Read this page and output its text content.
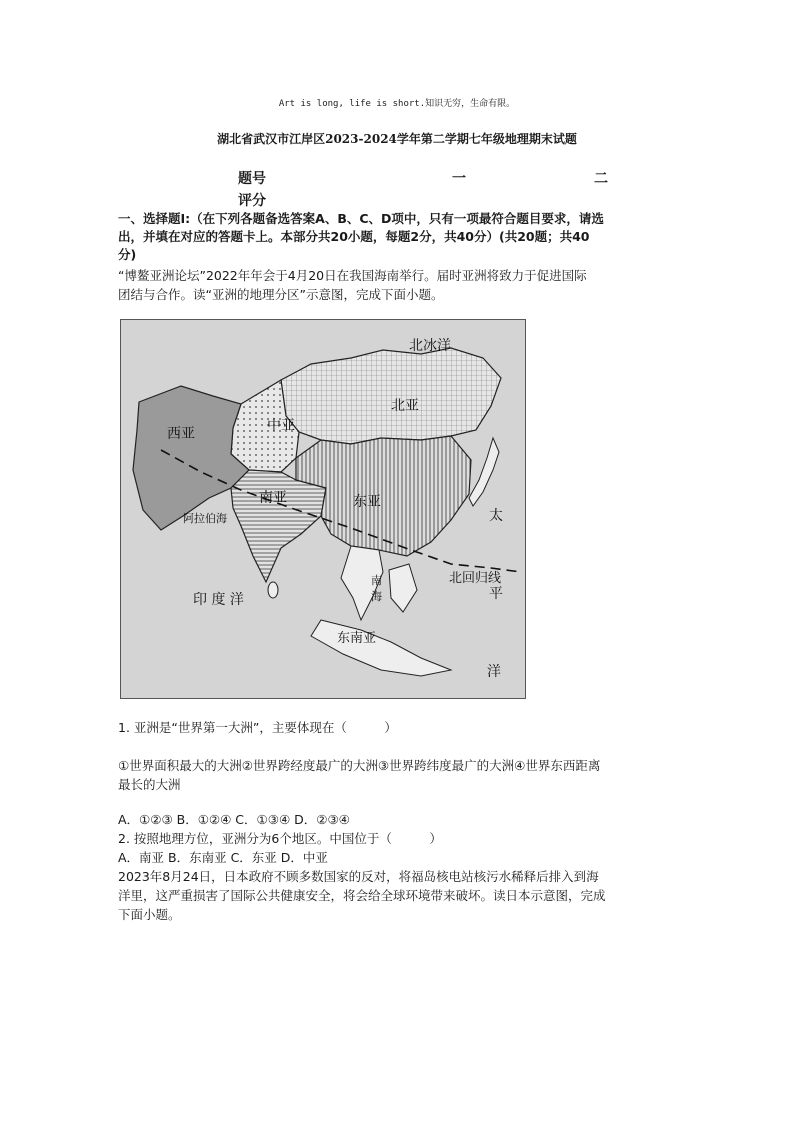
Art is long, life is short.知识无穷，生命有限。
湖北省武汉市江岸区2023-2024学年第二学期七年级地理期末试题
题号	一	二
评分
一、选择题Ⅰ:（在下列各题备选答案A、B、C、D项中，只有一项最符合题目要求，请选
出，并填在对应的答题卡上。本部分共20小题，每题2分，共40分）(共20题；共40
分)
“博鳌亚洲论坛”2022年年会于4月20日在我国海南举行。届时亚洲将致力于促进国际
团结与合作。读“亚洲的地理分区”示意图，完成下面小题。
北冰洋
北亚
中亚
西亚
南亚	东亚
阿拉伯海
北回归线
南
海
印 度 洋
太
平
洋
东南亚
1. 亚洲是“世界第一大洲”，主要体现在（　　　）
①世界面积最大的大洲②世界跨经度最广的大洲③世界跨纬度最广的大洲④世界东西距离
最长的大洲
A．①②③ B．①②④ C．①③④ D．②③④
2. 按照地理方位，亚洲分为6个地区。中国位于（　　　）
A．南亚 B．东南亚 C．东亚 D．中亚
2023年8月24日，日本政府不顾多数国家的反对，将福岛核电站核污水稀释后排入到海
洋里，这严重损害了国际公共健康安全，将会给全球环境带来破坏。读日本示意图，完成
下面小题。
